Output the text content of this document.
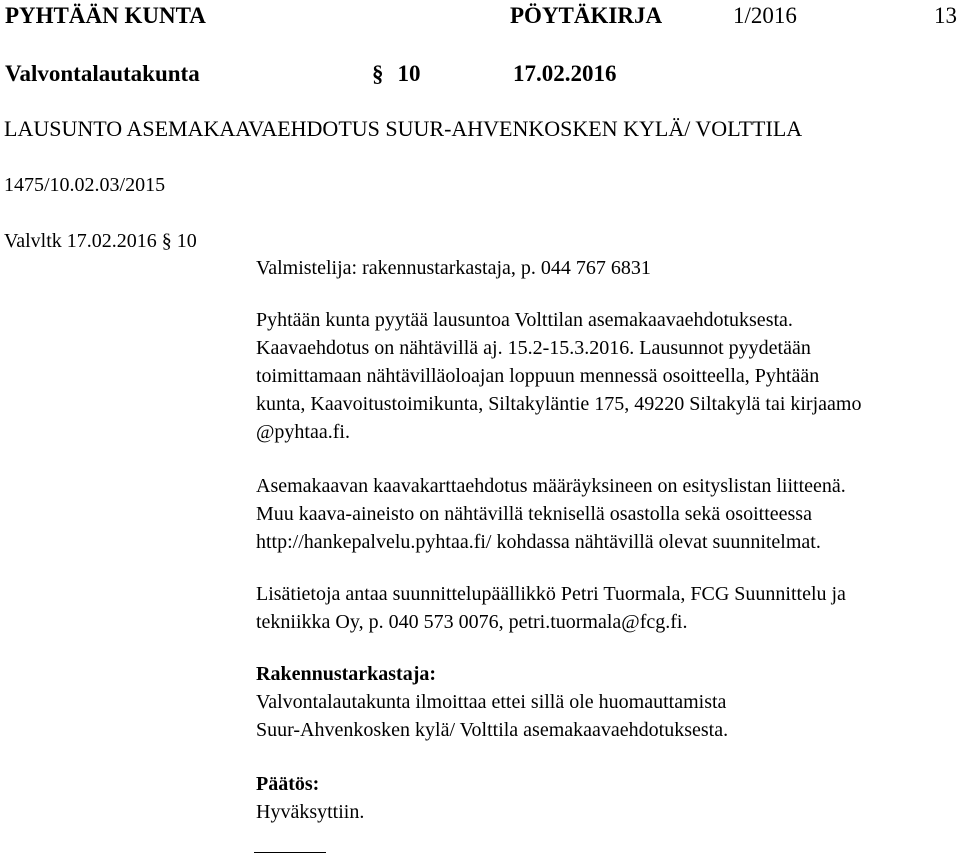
PYHTÄÄN KUNTA	PÖYTÄKIRJA	1/2016	13
Valvontalautakunta	§ 10	17.02.2016
LAUSUNTO ASEMAKAAVAEHDOTUS SUUR-AHVENKOSKEN KYLÄ/ VOLTTILA
1475/10.02.03/2015
Valvltk 17.02.2016 § 10

Valmistelija: rakennustarkastaja, p. 044 767 6831

Pyhtään kunta pyytää lausuntoa Volttilan asemakaavaehdotuksesta.

Kaavaehdotus on nähtävillä aj. 15.2-15.3.2016. Lausunnot pyydetään

toimittamaan nähtävilläoloajan loppuun mennessä osoitteella, Pyhtään

kunta, Kaavoitustoimikunta, Siltakyläntie 175, 49220 Siltakylä tai kirjaamo

@pyhtaa.fi.

Asemakaavan kaavakarttaehdotus määräyksineen on esityslistan liitteenä.

Muu kaava-aineisto on nähtävillä teknisellä osastolla sekä osoitteessa

http://hankepalvelu.pyhtaa.fi/ kohdassa nähtävillä olevat suunnitelmat.

Lisätietoja antaa suunnittelupäällikkö Petri Tuormala, FCG Suunnittelu ja

tekniikka Oy, p. 040 573 0076, petri.tuormala@fcg.fi.

Rakennustarkastaja:

Valvontalautakunta ilmoittaa ettei sillä ole huomauttamista

Suur-Ahvenkosken kylä/ Volttila asemakaavaehdotuksesta.

Päätös:

Hyväksyttiin.
